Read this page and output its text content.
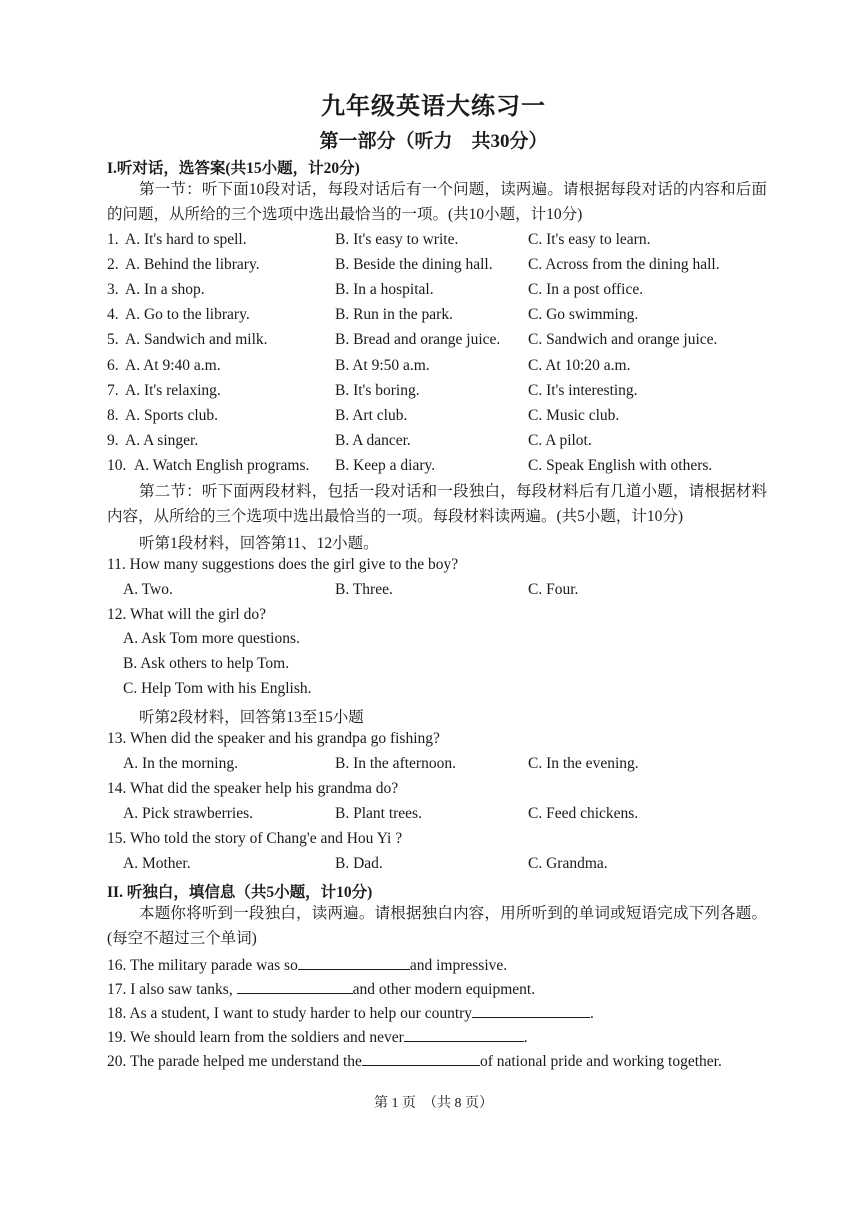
九年级英语大练习一
第一部分（听力　共30分）
I.听对话，选答案(共15小题，计20分)
第一节：听下面10段对话，每段对话后有一个问题，读两遍。请根据每段对话的内容和后面的问题，从所给的三个选项中选出最恰当的一项。(共10小题，计10分)
1. A. It's hard to spell.	B. It's easy to write.	C. It's easy to learn.
2. A. Behind the library.	B. Beside the dining hall. C. Across from the dining hall.
3. A. In a shop.	B. In a hospital.	C. In a post office.
4. A. Go to the library.	B. Run in the park.	C. Go swimming.
5. A. Sandwich and milk.	B. Bread and orange juice. C. Sandwich and orange juice.
6. A. At 9:40 a.m.	B. At 9:50 a.m.	C. At 10:20 a.m.
7. A. It's relaxing.	B. It's boring.	C. It's interesting.
8. A. Sports club.	B. Art club.	C. Music club.
9. A. A singer.	B. A dancer.	C. A pilot.
10. A. Watch English programs. B. Keep a diary.	C. Speak English with others.
第二节：听下面两段材料，包括一段对话和一段独白，每段材料后有几道小题，请根据材料内容，从所给的三个选项中选出最恰当的一项。每段材料读两遍。(共5小题，计10分)
听第1段材料，回答第11、12小题。
11. How many suggestions does the girl give to the boy?
A. Two.	B. Three.	C. Four.
12. What will the girl do?
A. Ask Tom more questions.
B. Ask others to help Tom.
C. Help Tom with his English.
听第2段材料，回答第13至15小题
13. When did the speaker and his grandpa go fishing?
A. In the morning.	B. In the afternoon.	C. In the evening.
14. What did the speaker help his grandma do?
A. Pick strawberries.	B. Plant trees.	C. Feed chickens.
15. Who told the story of Chang'e and Hou Yi ?
A. Mother.	B. Dad.	C. Grandma.
II. 听独白，填信息（共5小题，计10分)
本题你将听到一段独白，读两遍。请根据独白内容，用所听到的单词或短语完成下列各题。(每空不超过三个单词)
16. The military parade was so	and impressive.
17. I also saw tanks,	and other modern equipment.
18. As a student, I want to study harder to help our country	.
19. We should learn from the soldiers and never	.
20. The parade helped me understand the	of national pride and working together.
第 1 页　（共 8 页）
